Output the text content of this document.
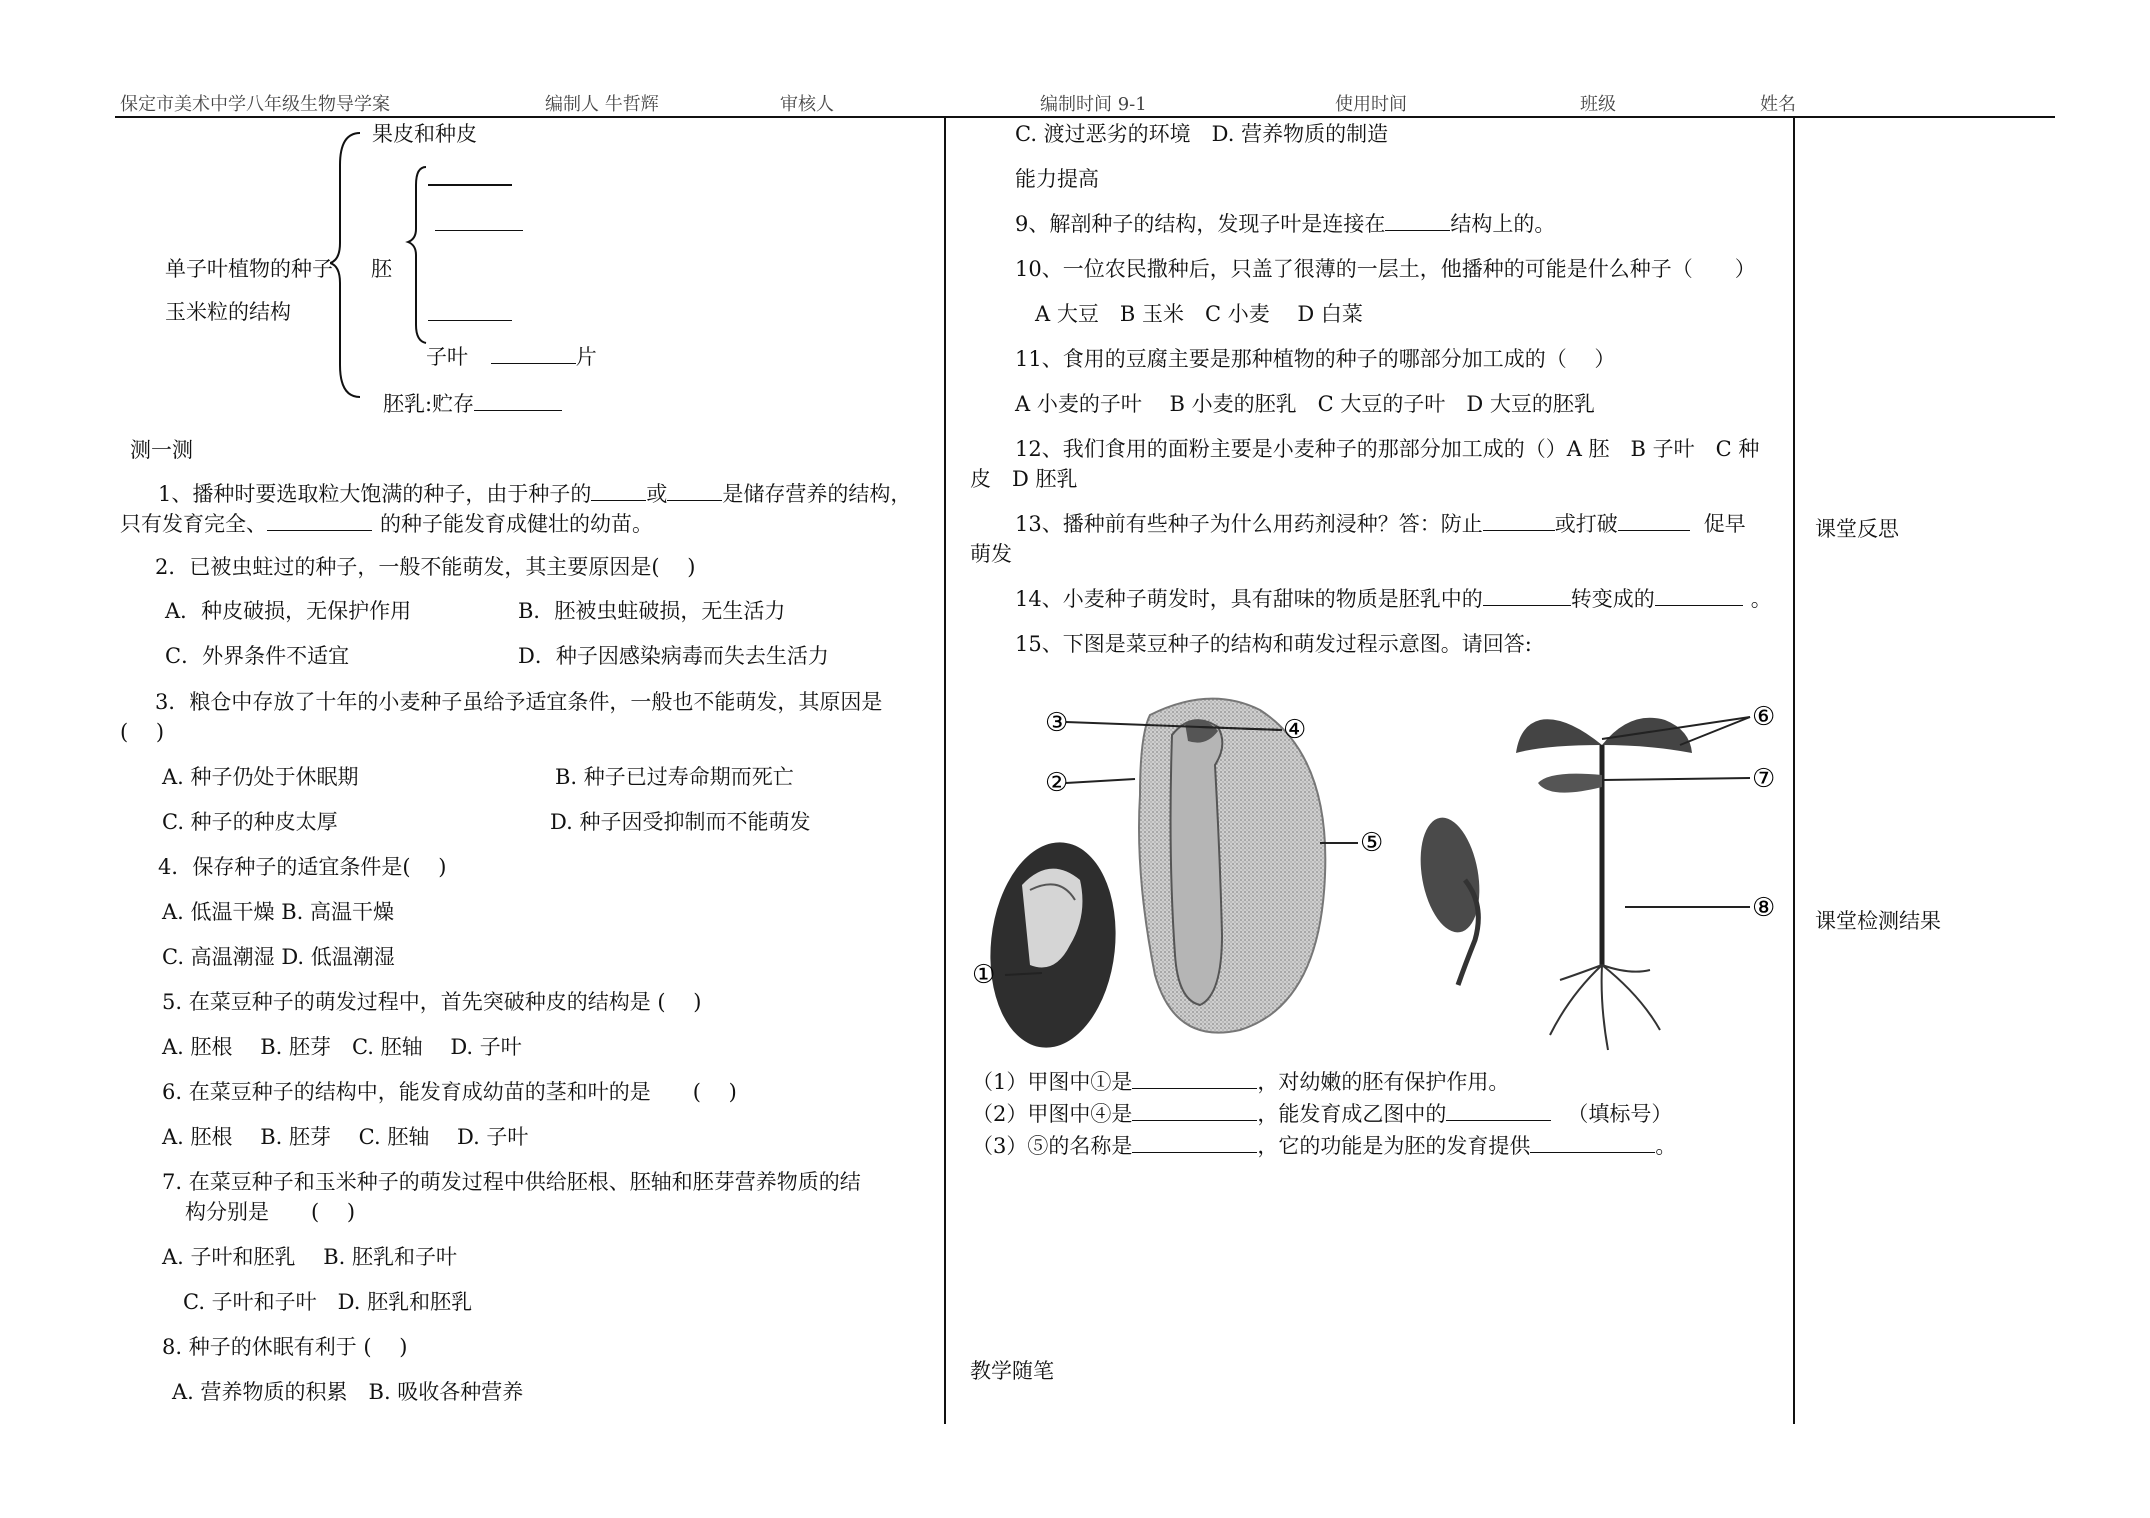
保定市美术中学八年级生物导学案	编制人 牛哲辉	审核人	编制时间 9-1	使用时间	班级	姓名
单子叶植物的种子
玉米粒的结构
果皮和种皮
胚
子叶	片
胚乳:贮存
测一测
1、播种时要选取粒大饱满的种子，由于种子的	或	是储存营养的结构，
只有发育完全、	的种子能发育成健壮的幼苗。
2．已被虫蛀过的种子，一般不能萌发，其主要原因是(　 )
A．种皮破损，无保护作用	B．胚被虫蛀破损，无生活力
C．外界条件不适宜	D．种子因感染病毒而失去生活力
3．粮仓中存放了十年的小麦种子虽给予适宜条件，一般也不能萌发，其原因是
(　 )
A. 种子仍处于休眠期	B. 种子已过寿命期而死亡
C. 种子的种皮太厚	D. 种子因受抑制而不能萌发
4．保存种子的适宜条件是(　 )
A. 低温干燥 B. 高温干燥
C. 高温潮湿 D. 低温潮湿
5. 在菜豆种子的萌发过程中，首先突破种皮的结构是 (　 )
A. 胚根　 B. 胚芽　C. 胚轴　 D. 子叶
6. 在菜豆种子的结构中，能发育成幼苗的茎和叶的是　　(　 )
A. 胚根　 B. 胚芽　 C. 胚轴　 D. 子叶
7. 在菜豆种子和玉米种子的萌发过程中供给胚根、胚轴和胚芽营养物质的结
构分别是　　(　 )
A. 子叶和胚乳　 B. 胚乳和子叶
C. 子叶和子叶　D. 胚乳和胚乳
8. 种子的休眠有利于 (　 )
A. 营养物质的积累　B. 吸收各种营养
C. 渡过恶劣的环境　D. 营养物质的制造
能力提高
9、解剖种子的结构，发现子叶是连接在	结构上的。
10、一位农民撒种后，只盖了很薄的一层土，他播种的可能是什么种子（　　）
A 大豆　B 玉米　C 小麦　 D 白菜
11、食用的豆腐主要是那种植物的种子的哪部分加工成的（　 ）
A 小麦的子叶　 B 小麦的胚乳　C 大豆的子叶　D 大豆的胚乳
12、我们食用的面粉主要是小麦种子的那部分加工成的（）A 胚　B 子叶　C 种
皮　D 胚乳
13、播种前有些种子为什么用药剂浸种？答：防止	或打破	促早
萌发
14、小麦种子萌发时，具有甜味的物质是胚乳中的	转变成的	。
15、下图是菜豆种子的结构和萌发过程示意图。请回答:
③	④	⑥
②	⑦
⑤
⑧
①
（1）甲图中①是	，对幼嫩的胚有保护作用。
（2）甲图中④是	，能发育成乙图中的	（填标号）
（3）⑤的名称是	，它的功能是为胚的发育提供	。
教学随笔
课堂反思
课堂检测结果
